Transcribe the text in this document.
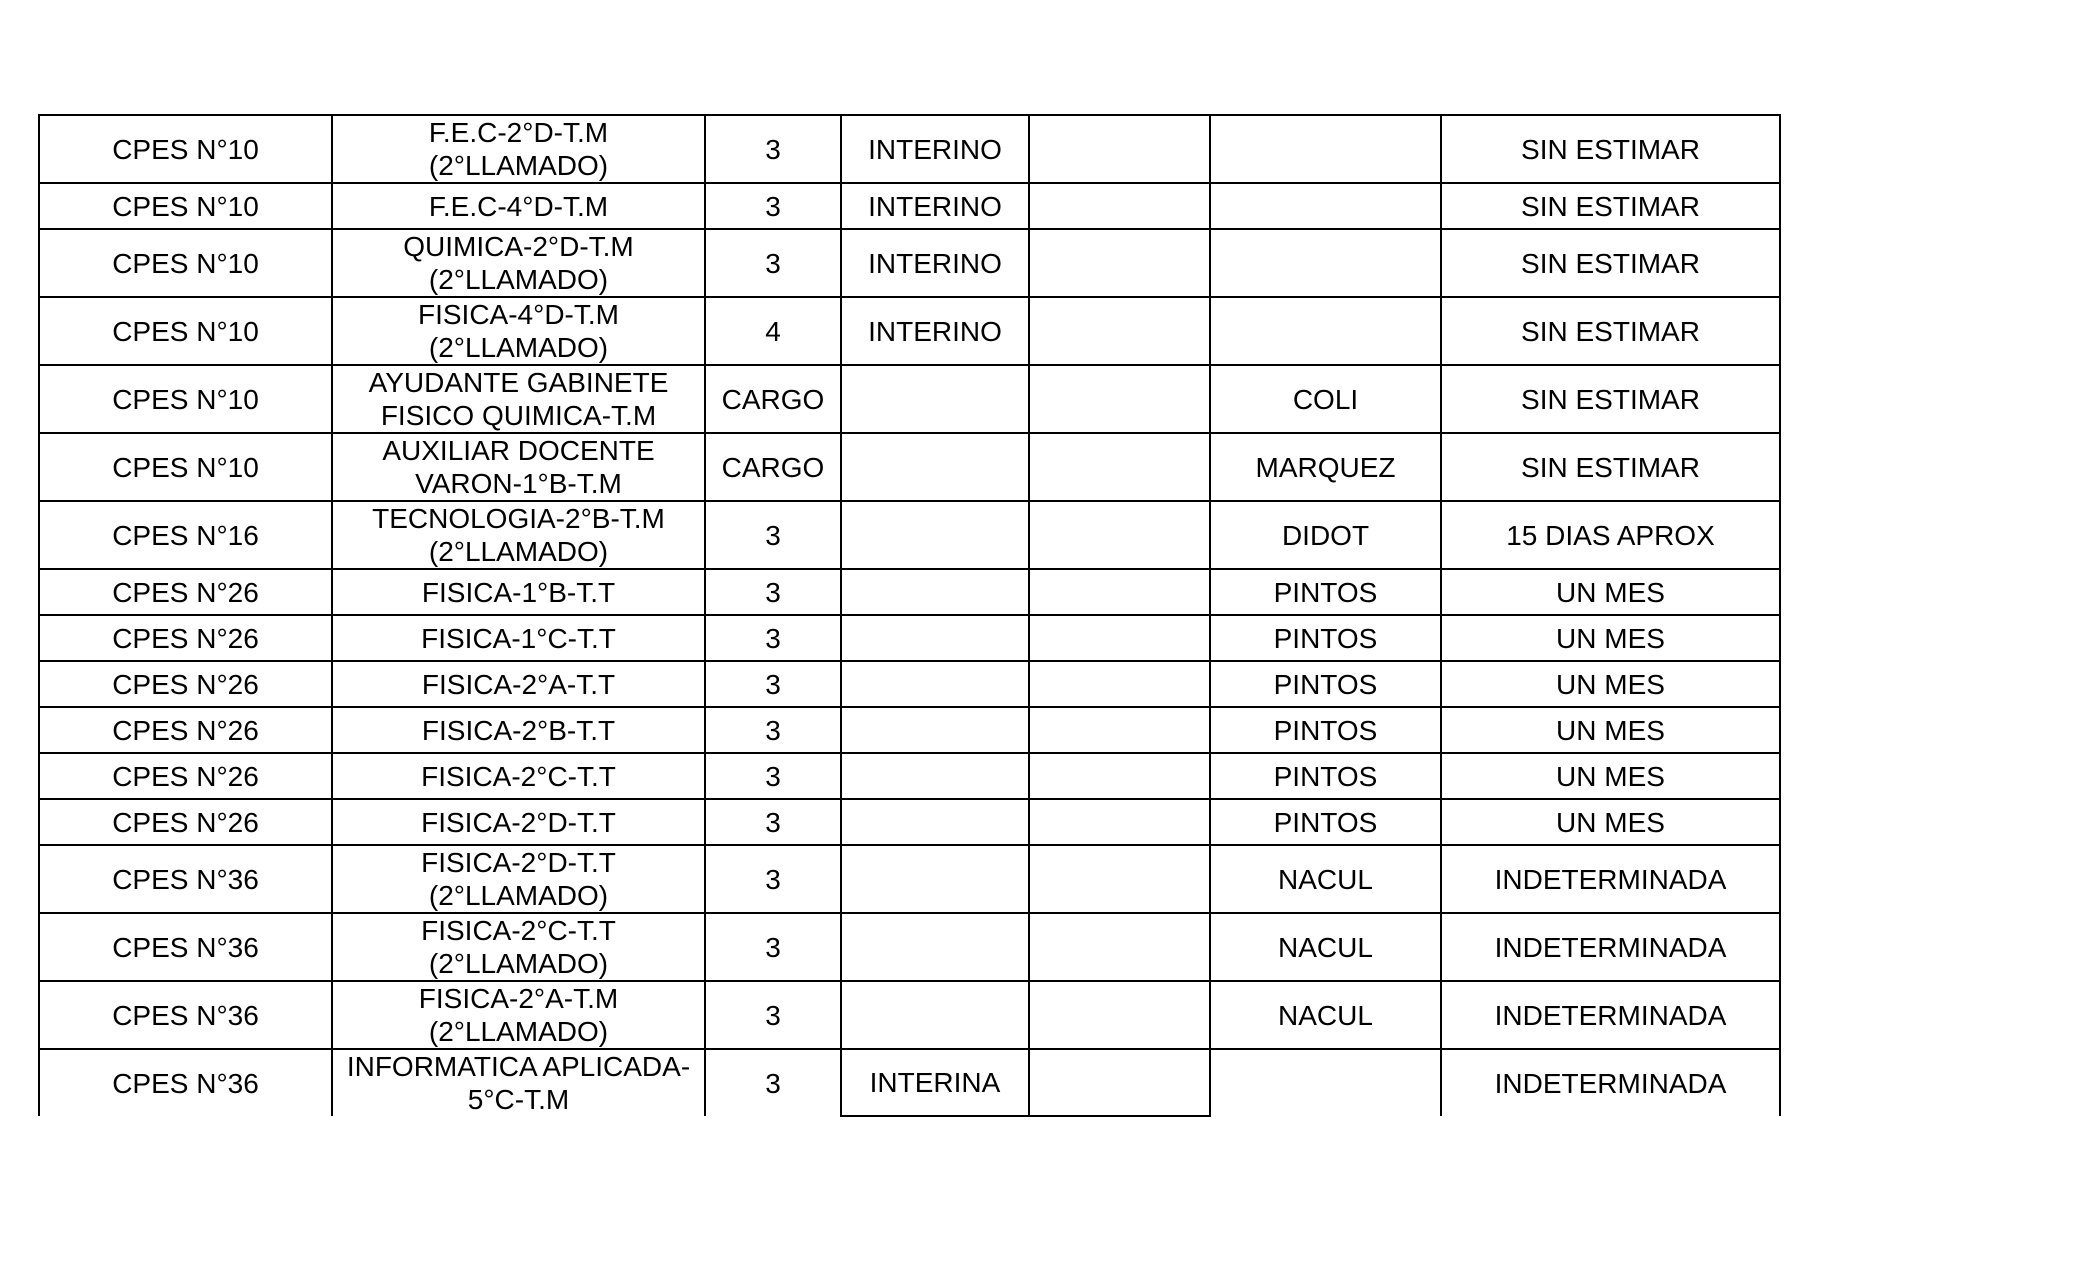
CPES N°10	F.E.C-2°D-T.M (2°LLAMADO)	3	INTERINO			SIN ESTIMAR
CPES N°10	F.E.C-4°D-T.M	3	INTERINO			SIN ESTIMAR
CPES N°10	QUIMICA-2°D-T.M (2°LLAMADO)	3	INTERINO			SIN ESTIMAR
CPES N°10	FISICA-4°D-T.M (2°LLAMADO)	4	INTERINO			SIN ESTIMAR
CPES N°10	AYUDANTE GABINETE FISICO QUIMICA-T.M	CARGO			COLI	SIN ESTIMAR
CPES N°10	AUXILIAR DOCENTE VARON-1°B-T.M	CARGO			MARQUEZ	SIN ESTIMAR
CPES N°16	TECNOLOGIA-2°B-T.M (2°LLAMADO)	3			DIDOT	15 DIAS APROX
CPES N°26	FISICA-1°B-T.T	3			PINTOS	UN MES
CPES N°26	FISICA-1°C-T.T	3			PINTOS	UN MES
CPES N°26	FISICA-2°A-T.T	3			PINTOS	UN MES
CPES N°26	FISICA-2°B-T.T	3			PINTOS	UN MES
CPES N°26	FISICA-2°C-T.T	3			PINTOS	UN MES
CPES N°26	FISICA-2°D-T.T	3			PINTOS	UN MES
CPES N°36	FISICA-2°D-T.T (2°LLAMADO)	3			NACUL	INDETERMINADA
CPES N°36	FISICA-2°C-T.T (2°LLAMADO)	3			NACUL	INDETERMINADA
CPES N°36	FISICA-2°A-T.M (2°LLAMADO)	3			NACUL	INDETERMINADA
CPES N°36	INFORMATICA APLICADA- 5°C-T.M	3	INTERINA			INDETERMINADA
